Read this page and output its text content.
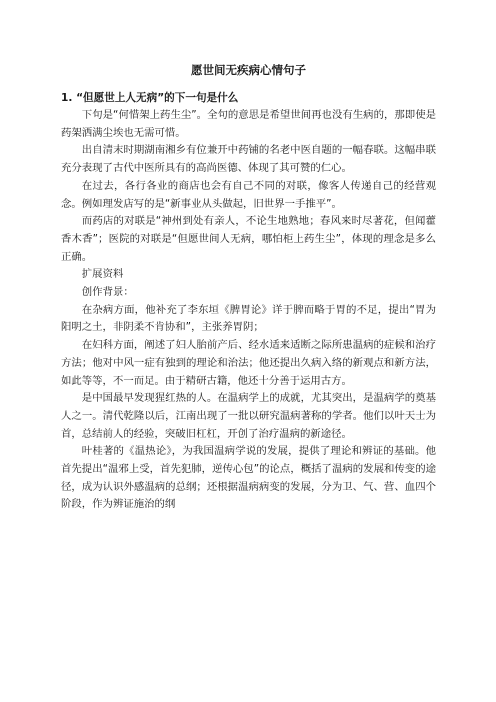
愿世间无疾病心情句子
1. “但愿世上人无病”的下一句是什么

下句是“何惜架上药生尘”。全句的意思是希望世间再也没有生病的，那即使是药架洒满尘埃也无需可惜。

出自清末时期湖南湘乡有位兼开中药铺的名老中医自题的一幅春联。这幅串联充分表现了古代中医所具有的高尚医德、体现了其可赞的仁心。

在过去，各行各业的商店也会有自己不同的对联，像客人传递自己的经营观念。例如理发店写的是“新事业从头做起，旧世界一手推平”。

而药店的对联是“神州到处有亲人，不论生地熟地；春风来时尽著花，但闻藿香木香”；医院的对联是“但愿世间人无病，哪怕柜上药生尘”，体现的理念是多么正确。

扩展资料

创作背景：

在杂病方面，他补充了李东垣《脾胃论》详于脾而略于胃的不足，提出“胃为阳明之土，非阴柔不肯协和”，主张养胃阴；

在妇科方面，阐述了妇人胎前产后、经水适来适断之际所患温病的症候和治疗方法；他对中风一症有独到的理论和治法；他还提出久病入络的新观点和新方法，如此等等，不一而足。由于精研古籍，他还十分善于运用古方。

是中国最早发现猩红热的人。在温病学上的成就，尤其突出，是温病学的奠基人之一。清代乾隆以后，江南出现了一批以研究温病著称的学者。他们以叶天士为首，总结前人的经验，突破旧杠杠，开创了治疗温病的新途径。

叶桂著的《温热论》，为我国温病学说的发展，提供了理论和辨证的基础。他首先提出“温邪上受，首先犯肺，逆传心包”的论点，概括了温病的发展和传变的途径，成为认识外感温病的总纲；还根据温病病变的发展，分为卫、气、营、血四个阶段，作为辨证施治的纲
